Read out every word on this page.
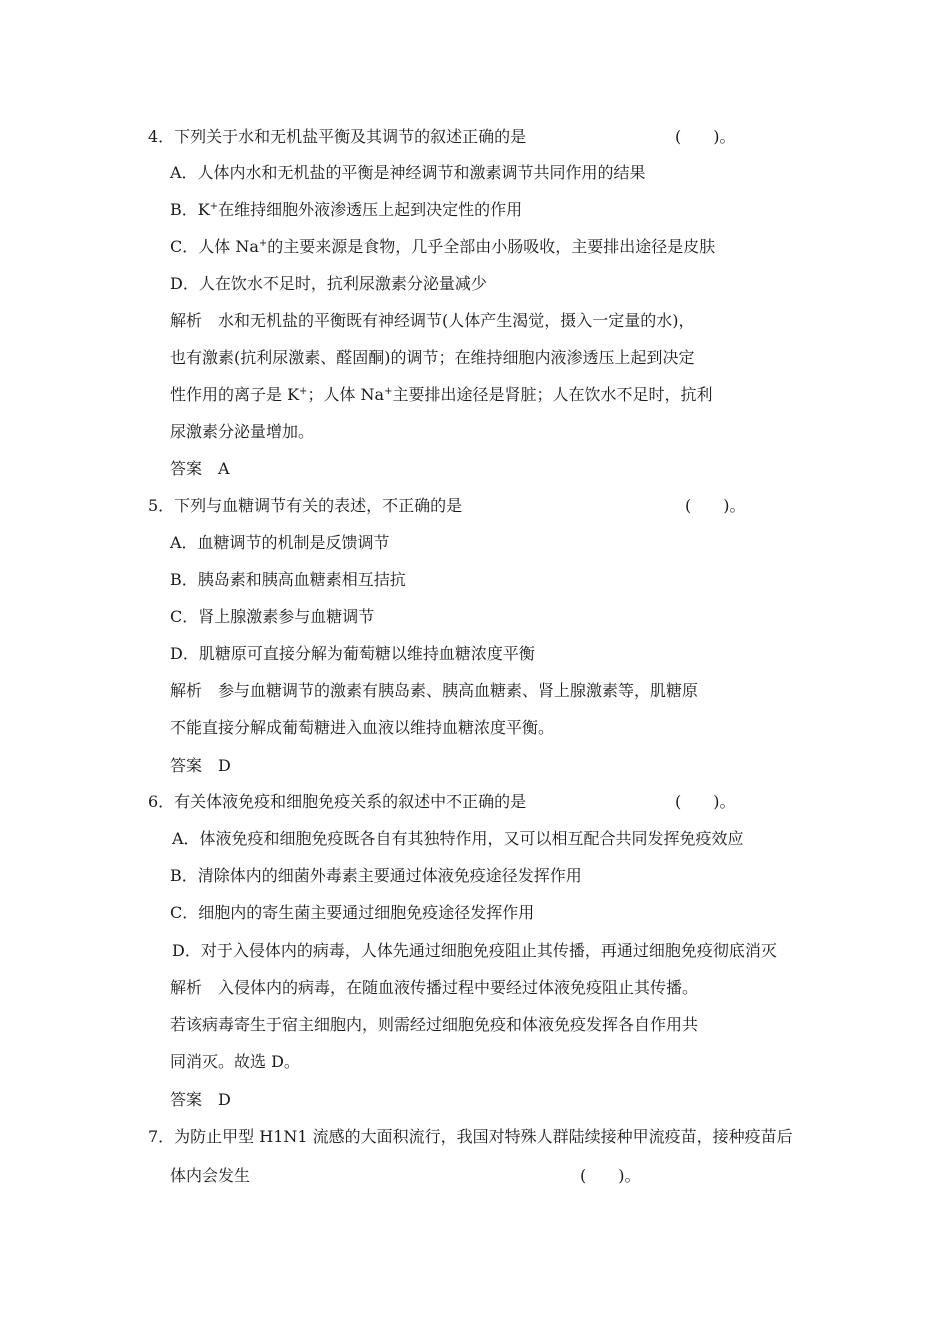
4．下列关于水和无机盐平衡及其调节的叙述正确的是	(　　)。
A．人体内水和无机盐的平衡是神经调节和激素调节共同作用的结果
B．K+在维持细胞外液渗透压上起到决定性的作用
C．人体 Na+的主要来源是食物，几乎全部由小肠吸收，主要排出途径是皮肤
D．人在饮水不足时，抗利尿激素分泌量减少
解析　水和无机盐的平衡既有神经调节(人体产生渴觉，摄入一定量的水)，
也有激素(抗利尿激素、醛固酮)的调节；在维持细胞内液渗透压上起到决定
性作用的离子是 K+；人体 Na+主要排出途径是肾脏；人在饮水不足时，抗利
尿激素分泌量增加。
答案　A
5．下列与血糖调节有关的表述，不正确的是	(　　)。
A．血糖调节的机制是反馈调节
B．胰岛素和胰高血糖素相互拮抗
C．肾上腺激素参与血糖调节
D．肌糖原可直接分解为葡萄糖以维持血糖浓度平衡
解析　参与血糖调节的激素有胰岛素、胰高血糖素、肾上腺激素等，肌糖原
不能直接分解成葡萄糖进入血液以维持血糖浓度平衡。
答案　D
6．有关体液免疫和细胞免疫关系的叙述中不正确的是	(　　)。
A．体液免疫和细胞免疫既各自有其独特作用，又可以相互配合共同发挥免疫效应
B．清除体内的细菌外毒素主要通过体液免疫途径发挥作用
C．细胞内的寄生菌主要通过细胞免疫途径发挥作用
D．对于入侵体内的病毒，人体先通过细胞免疫阻止其传播，再通过细胞免疫彻底消灭
解析　入侵体内的病毒，在随血液传播过程中要经过体液免疫阻止其传播。
若该病毒寄生于宿主细胞内，则需经过细胞免疫和体液免疫发挥各自作用共
同消灭。故选 D。
答案　D
7．为防止甲型 H1N1 流感的大面积流行，我国对特殊人群陆续接种甲流疫苗，接种疫苗后
体内会发生	(　　)。
